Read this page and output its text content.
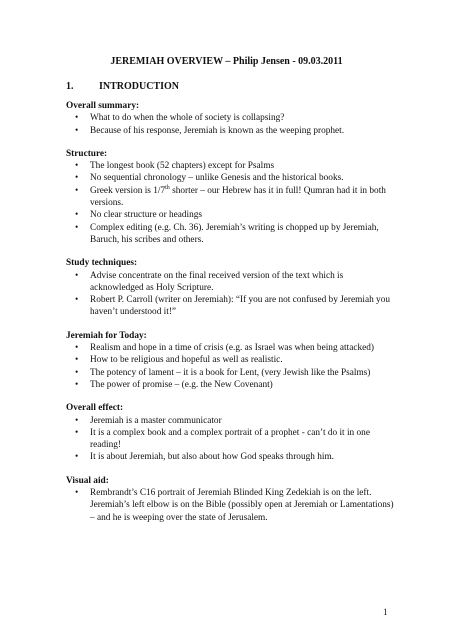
JEREMIAH OVERVIEW – Philip Jensen - 09.03.2011
1.	INTRODUCTION
Overall summary:
• What to do when the whole of society is collapsing?
• Because of his response, Jeremiah is known as the weeping prophet.
Structure:
• The longest book (52 chapters) except for Psalms
• No sequential chronology – unlike Genesis and the historical books.
• Greek version is 1/7th shorter – our Hebrew has it in full! Qumran had it in both versions.
• No clear structure or headings
• Complex editing (e.g. Ch. 36). Jeremiah’s writing is chopped up by Jeremiah, Baruch, his scribes and others.
Study techniques:
• Advise concentrate on the final received version of the text which is acknowledged as Holy Scripture.
• Robert P. Carroll (writer on Jeremiah): “If you are not confused by Jeremiah you haven’t understood it!”
Jeremiah for Today:
• Realism and hope in a time of crisis (e.g. as Israel was when being attacked)
• How to be religious and hopeful as well as realistic.
• The potency of lament – it is a book for Lent, (very Jewish like the Psalms)
• The power of promise – (e.g. the New Covenant)
Overall effect:
• Jeremiah is a master communicator
• It is a complex book and a complex portrait of a prophet - can’t do it in one reading!
• It is about Jeremiah, but also about how God speaks through him.
Visual aid:
• Rembrandt’s C16 portrait of Jeremiah Blinded King Zedekiah is on the left. Jeremiah’s left elbow is on the Bible (possibly open at Jeremiah or Lamentations) – and he is weeping over the state of Jerusalem.
1
